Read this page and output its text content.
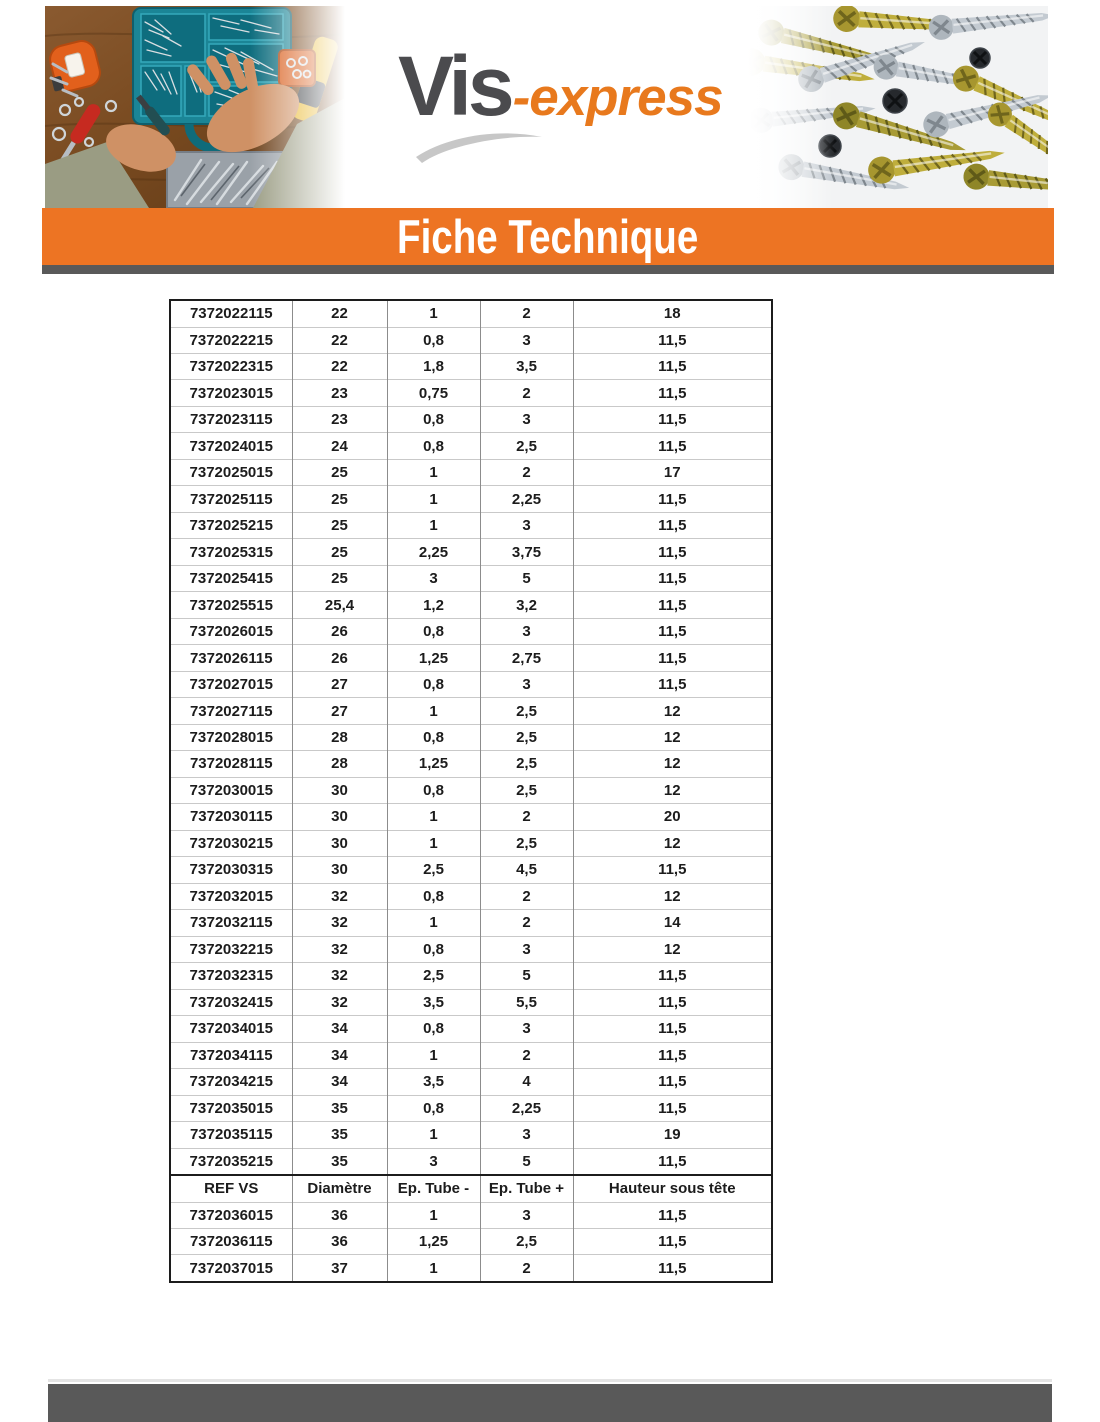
Vis -express
Fiche Technique
7372022115	22	1	2	18
7372022215	22	0,8	3	11,5
7372022315	22	1,8	3,5	11,5
7372023015	23	0,75	2	11,5
7372023115	23	0,8	3	11,5
7372024015	24	0,8	2,5	11,5
7372025015	25	1	2	17
7372025115	25	1	2,25	11,5
7372025215	25	1	3	11,5
7372025315	25	2,25	3,75	11,5
7372025415	25	3	5	11,5
7372025515	25,4	1,2	3,2	11,5
7372026015	26	0,8	3	11,5
7372026115	26	1,25	2,75	11,5
7372027015	27	0,8	3	11,5
7372027115	27	1	2,5	12
7372028015	28	0,8	2,5	12
7372028115	28	1,25	2,5	12
7372030015	30	0,8	2,5	12
7372030115	30	1	2	20
7372030215	30	1	2,5	12
7372030315	30	2,5	4,5	11,5
7372032015	32	0,8	2	12
7372032115	32	1	2	14
7372032215	32	0,8	3	12
7372032315	32	2,5	5	11,5
7372032415	32	3,5	5,5	11,5
7372034015	34	0,8	3	11,5
7372034115	34	1	2	11,5
7372034215	34	3,5	4	11,5
7372035015	35	0,8	2,25	11,5
7372035115	35	1	3	19
7372035215	35	3	5	11,5
REF VS	Diamètre	Ep. Tube -	Ep. Tube +	Hauteur sous tête
7372036015	36	1	3	11,5
7372036115	36	1,25	2,5	11,5
7372037015	37	1	2	11,5
